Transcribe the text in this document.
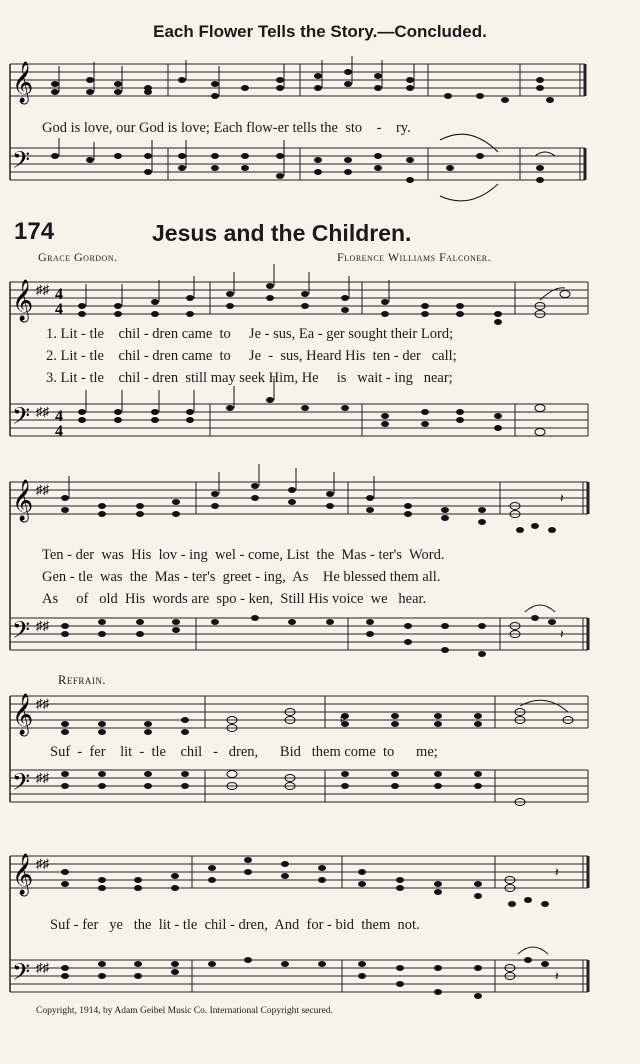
Each Flower Tells the Story.—Concluded.
𝄞
𝄢
God is love, our God is love; Each flow-er tells the  sto    -    ry.
174	Jesus and the Children.
Grace Gordon.	Florence Williams Falconer.
𝄞
𝄢
♯♯
♯♯
4
4
4
4
1. Lit - tle    chil - dren came  to     Je - sus, Ea - ger sought their Lord;
2. Lit - tle    chil - dren came  to     Je  -  sus, Heard His  ten - der   call;
3. Lit - tle    chil - dren  still may seek Him, He     is   wait - ing   near;
𝄞
𝄢
♯♯
♯♯
𝄽
𝄽
Ten - der  was  His  lov - ing  wel - come, List  the  Mas - ter's  Word.
Gen - tle  was  the  Mas - ter's  greet - ing,  As    He blessed them all.
As     of   old  His  words are  spo - ken,  Still His voice  we   hear.
Refrain.
𝄞
𝄢
♯♯
♯♯
♯
Suf  -  fer    lit  -  tle    chil   -   dren,      Bid   them come  to      me;
𝄞
𝄢
♯♯
♯♯
𝄽
𝄽
Suf - fer   ye   the  lit - tle  chil - dren,  And  for - bid  them  not.
Copyright, 1914, by Adam Geibel Music Co. International Copyright secured.
